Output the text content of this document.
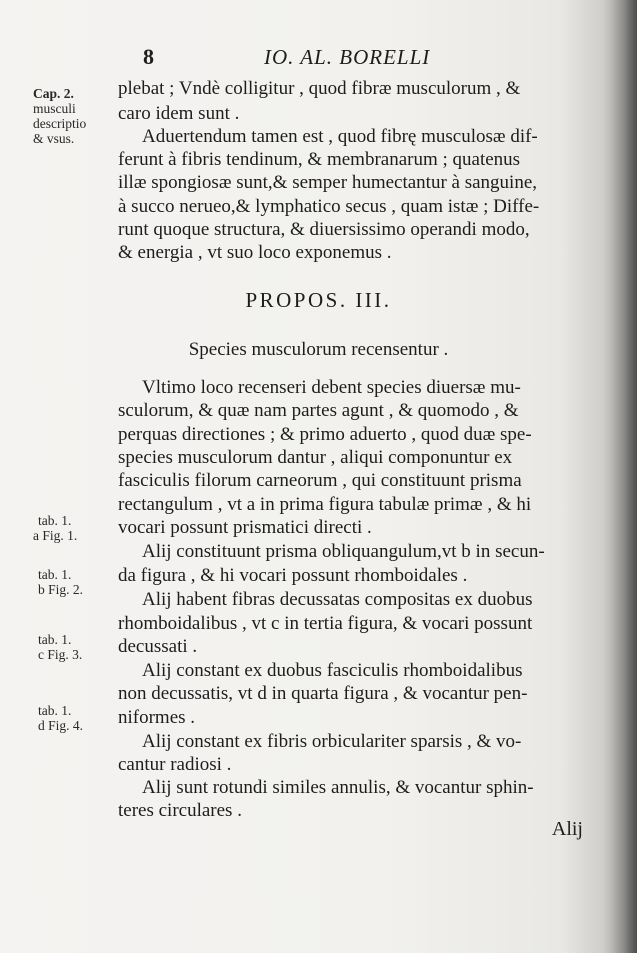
8	IO. AL. BORELLI
Cap. 2.
musculi
descriptio
& vsus.
tab. 1.
a Fig. 1.
tab. 1.
b Fig. 2.
tab. 1.
c Fig. 3.
tab. 1.
d Fig. 4.
plebat ; Vndè colligitur , quod fibræ musculorum , &
caro idem sunt .
Aduertendum tamen est , quod fibrę musculosæ dif-
ferunt à fibris tendinum, & membranarum ; quatenus
illæ spongiosæ sunt,& semper humectantur à sanguine,
à succo nerueo,& lymphatico secus , quam istæ ; Diffe-
runt quoque structura, & diuersissimo operandi modo,
& energia , vt suo loco exponemus .
PROPOS. III.
Species musculorum recensentur .
Vltimo loco recenseri debent species diuersæ mu-
sculorum, & quæ nam partes agunt , & quomodo , &
perquas directiones ; & primo aduerto , quod duæ spe-
species musculorum dantur , aliqui componuntur ex
fasciculis filorum carneorum , qui constituunt prisma
rectangulum , vt a in prima figura tabulæ primæ , & hi
vocari possunt prismatici directi .
Alij constituunt prisma obliquangulum,vt b in secun-
da figura , & hi vocari possunt rhomboidales .
Alij habent fibras decussatas compositas ex duobus
rhomboidalibus , vt c in tertia figura, & vocari possunt
decussati .
Alij constant ex duobus fasciculis rhomboidalibus
non decussatis, vt d in quarta figura , & vocantur pen-
niformes .
Alij constant ex fibris orbiculariter sparsis , & vo-
cantur radiosi .
Alij sunt rotundi similes annulis, & vocantur sphin-
teres circulares .
Alij
